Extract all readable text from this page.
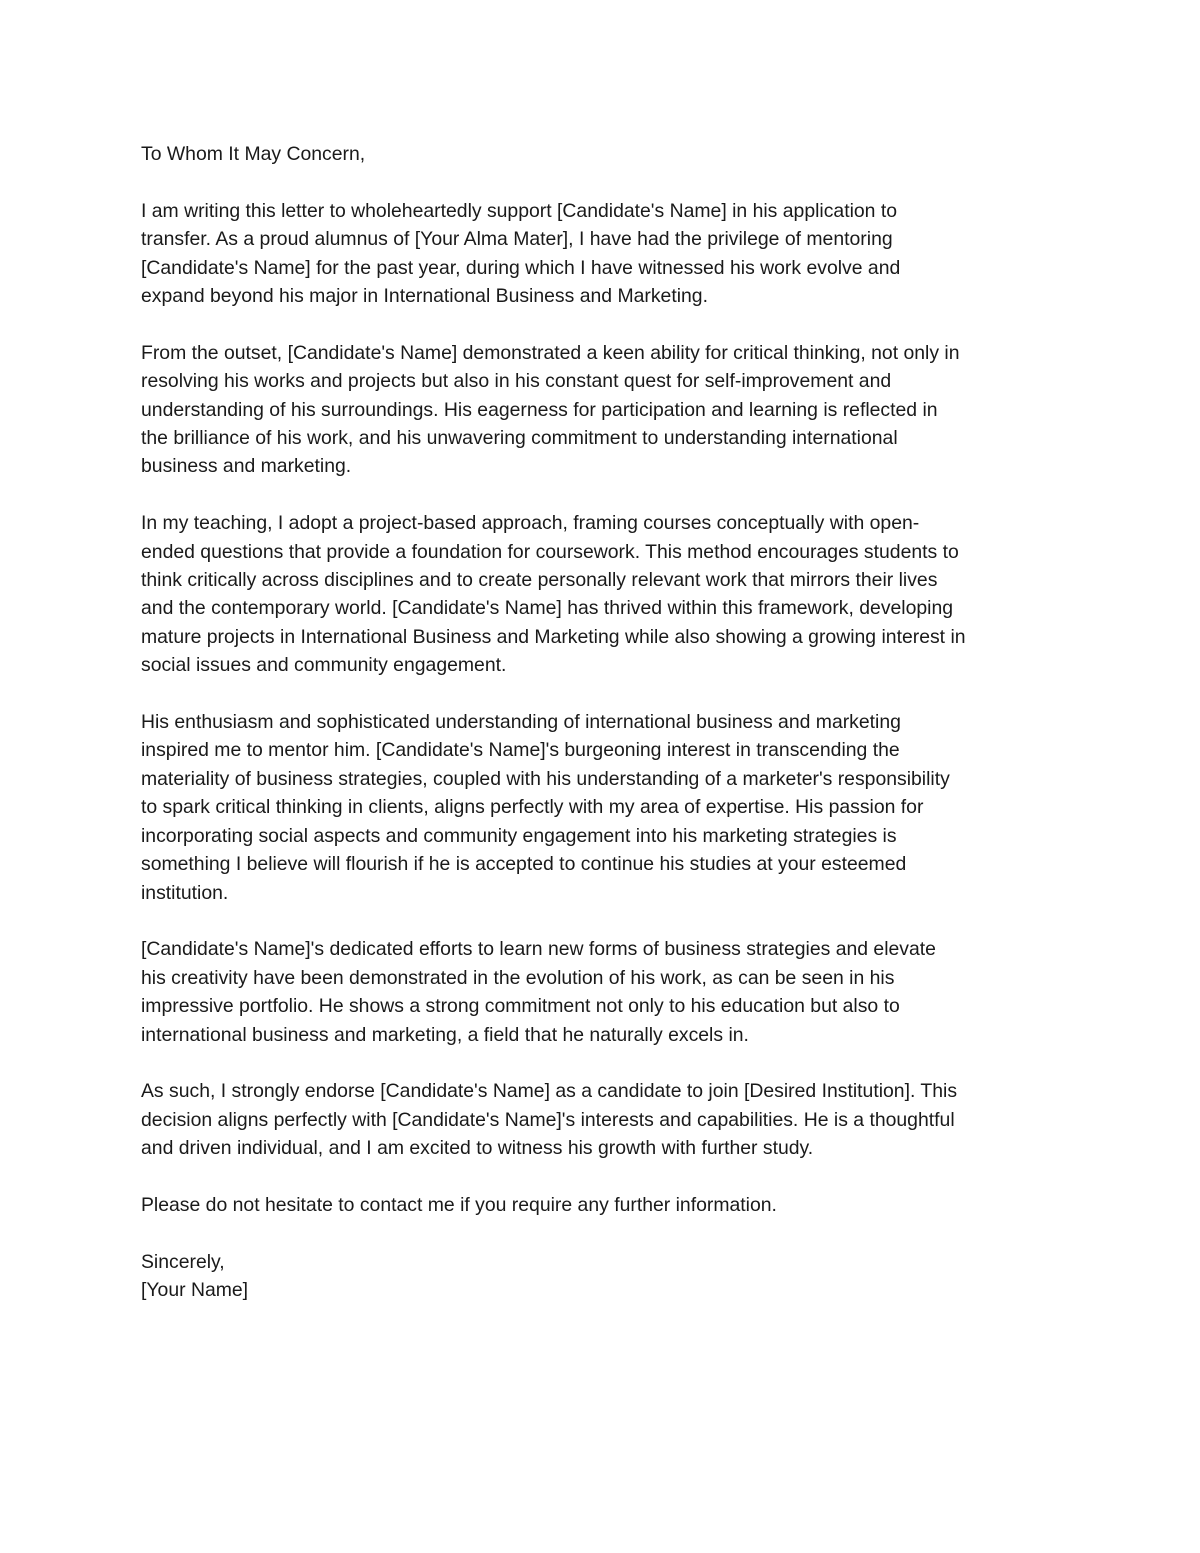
To Whom It May Concern,
I am writing this letter to wholeheartedly support [Candidate's Name] in his application to
transfer. As a proud alumnus of [Your Alma Mater], I have had the privilege of mentoring
[Candidate's Name] for the past year, during which I have witnessed his work evolve and
expand beyond his major in International Business and Marketing.
From the outset, [Candidate's Name] demonstrated a keen ability for critical thinking, not only in
resolving his works and projects but also in his constant quest for self-improvement and
understanding of his surroundings. His eagerness for participation and learning is reflected in
the brilliance of his work, and his unwavering commitment to understanding international
business and marketing.
In my teaching, I adopt a project-based approach, framing courses conceptually with open-
ended questions that provide a foundation for coursework. This method encourages students to
think critically across disciplines and to create personally relevant work that mirrors their lives
and the contemporary world. [Candidate's Name] has thrived within this framework, developing
mature projects in International Business and Marketing while also showing a growing interest in
social issues and community engagement.
His enthusiasm and sophisticated understanding of international business and marketing
inspired me to mentor him. [Candidate's Name]'s burgeoning interest in transcending the
materiality of business strategies, coupled with his understanding of a marketer's responsibility
to spark critical thinking in clients, aligns perfectly with my area of expertise. His passion for
incorporating social aspects and community engagement into his marketing strategies is
something I believe will flourish if he is accepted to continue his studies at your esteemed
institution.
[Candidate's Name]'s dedicated efforts to learn new forms of business strategies and elevate
his creativity have been demonstrated in the evolution of his work, as can be seen in his
impressive portfolio. He shows a strong commitment not only to his education but also to
international business and marketing, a field that he naturally excels in.
As such, I strongly endorse [Candidate's Name] as a candidate to join [Desired Institution]. This
decision aligns perfectly with [Candidate's Name]'s interests and capabilities. He is a thoughtful
and driven individual, and I am excited to witness his growth with further study.
Please do not hesitate to contact me if you require any further information.
Sincerely,
[Your Name]
